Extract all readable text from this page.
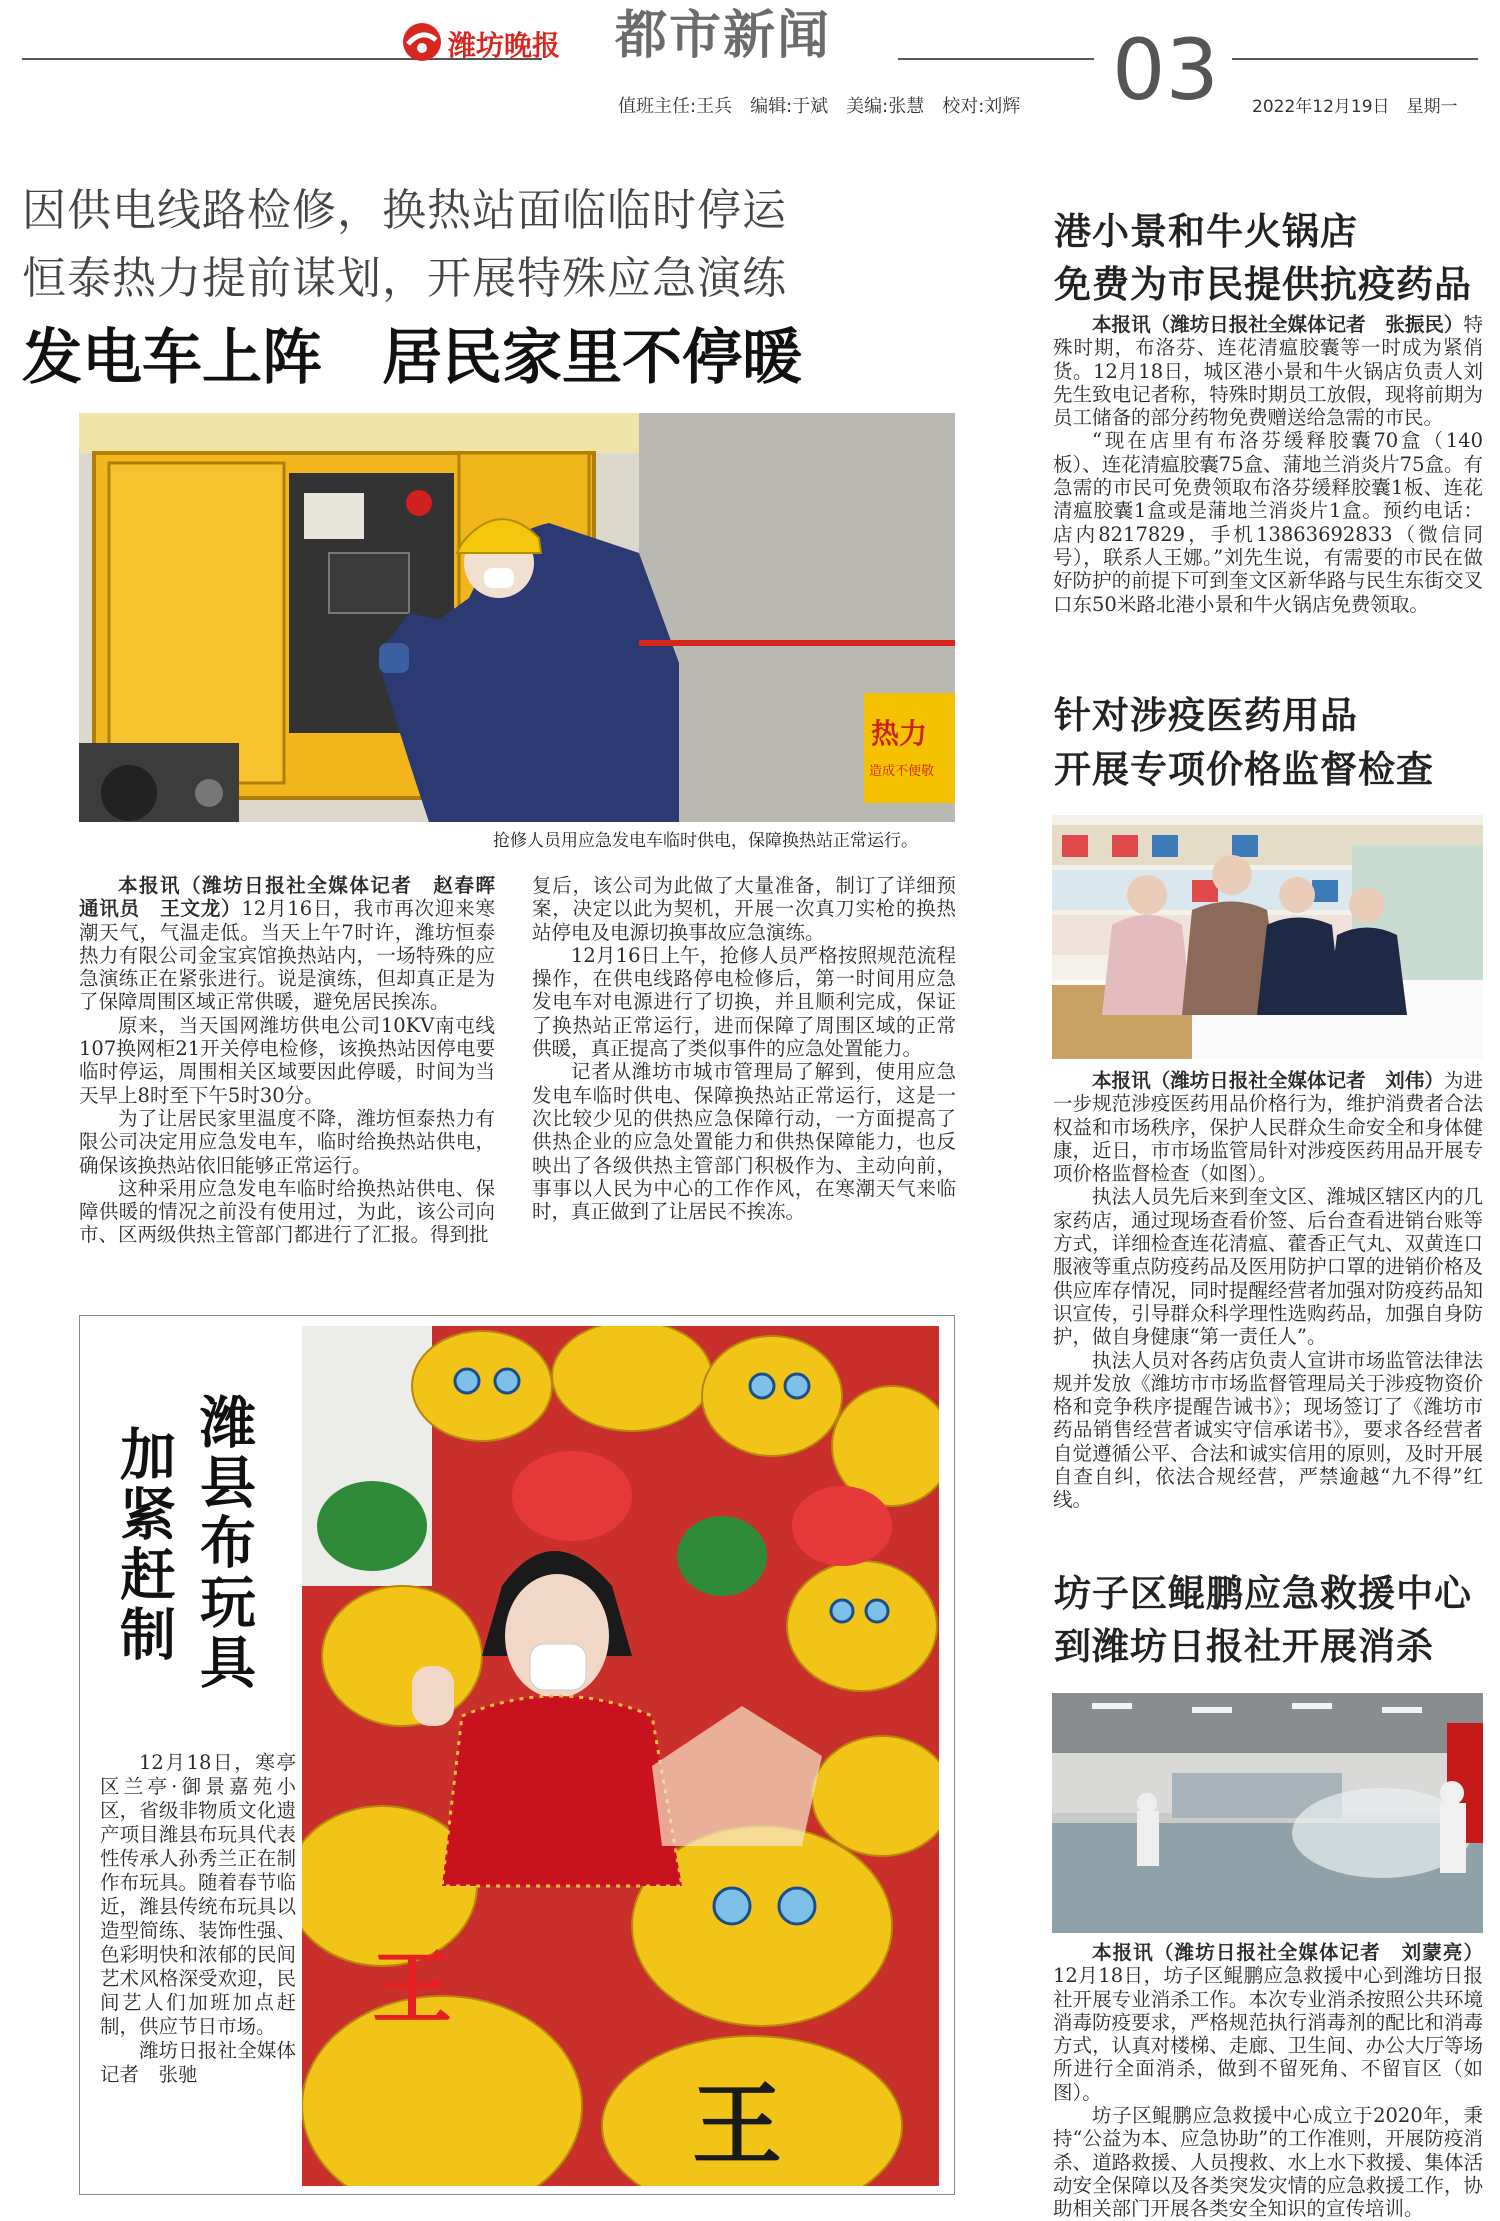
潍坊晚报 都市新闻	03
值班主任:王兵　编辑:于斌　美编:张慧　校对:刘辉	2022年12月19日　星期一
因供电线路检修，换热站面临临时停运
恒泰热力提前谋划，开展特殊应急演练
发电车上阵　居民家里不停暖
热力
造成不便敬
抢修人员用应急发电车临时供电，保障换热站正常运行。

本报讯（潍坊日报社全媒体记者　赵春晖　通讯员　王文龙）12月16日，我市再次迎来寒潮天气，气温走低。当天上午7时许，潍坊恒泰热力有限公司金宝宾馆换热站内，一场特殊的应急演练正在紧张进行。说是演练，但却真正是为了保障周围区域正常供暖，避免居民挨冻。

原来，当天国网潍坊供电公司10KV南屯线107换网柜21开关停电检修，该换热站因停电要临时停运，周围相关区域要因此停暖，时间为当天早上8时至下午5时30分。

为了让居民家里温度不降，潍坊恒泰热力有限公司决定用应急发电车，临时给换热站供电，确保该换热站依旧能够正常运行。

这种采用应急发电车临时给换热站供电、保障供暖的情况之前没有使用过，为此，该公司向市、区两级供热主管部门都进行了汇报。得到批

复后，该公司为此做了大量准备，制订了详细预案，决定以此为契机，开展一次真刀实枪的换热站停电及电源切换事故应急演练。

12月16日上午，抢修人员严格按照规范流程操作，在供电线路停电检修后，第一时间用应急发电车对电源进行了切换，并且顺利完成，保证了换热站正常运行，进而保障了周围区域的正常供暖，真正提高了类似事件的应急处置能力。

记者从潍坊市城市管理局了解到，使用应急发电车临时供电、保障换热站正常运行，这是一次比较少见的供热应急保障行动，一方面提高了供热企业的应急处置能力和供热保障能力，也反映出了各级供热主管部门积极作为、主动向前，事事以人民为中心的工作作风，在寒潮天气来临时，真正做到了让居民不挨冻。

潍县布玩具
加紧赶制

12月18日，寒亭区兰亭·御景嘉苑小区，省级非物质文化遗产项目潍县布玩具代表性传承人孙秀兰正在制作布玩具。随着春节临近，潍县传统布玩具以造型简练、装饰性强、色彩明快和浓郁的民间艺术风格深受欢迎，民间艺人们加班加点赶制，供应节日市场。

潍坊日报社全媒体记者　张驰

王
王
港小景和牛火锅店
免费为市民提供抗疫药品

本报讯（潍坊日报社全媒体记者　张振民）特殊时期，布洛芬、连花清瘟胶囊等一时成为紧俏货。12月18日，城区港小景和牛火锅店负责人刘先生致电记者称，特殊时期员工放假，现将前期为员工储备的部分药物免费赠送给急需的市民。

“现在店里有布洛芬缓释胶囊70盒（140板）、连花清瘟胶囊75盒、蒲地兰消炎片75盒。有急需的市民可免费领取布洛芬缓释胶囊1板、连花清瘟胶囊1盒或是蒲地兰消炎片1盒。预约电话：店内8217829，手机13863692833（微信同号），联系人王娜。”刘先生说，有需要的市民在做好防护的前提下可到奎文区新华路与民生东街交叉口东50米路北港小景和牛火锅店免费领取。

针对涉疫医药用品
开展专项价格监督检查

本报讯（潍坊日报社全媒体记者　刘伟）为进一步规范涉疫医药用品价格行为，维护消费者合法权益和市场秩序，保护人民群众生命安全和身体健康，近日，市市场监管局针对涉疫医药用品开展专项价格监督检查（如图）。

执法人员先后来到奎文区、潍城区辖区内的几家药店，通过现场查看价签、后台查看进销台账等方式，详细检查连花清瘟、藿香正气丸、双黄连口服液等重点防疫药品及医用防护口罩的进销价格及供应库存情况，同时提醒经营者加强对防疫药品知识宣传，引导群众科学理性选购药品，加强自身防护，做自身健康“第一责任人”。

执法人员对各药店负责人宣讲市场监管法律法规并发放《潍坊市市场监督管理局关于涉疫物资价格和竞争秩序提醒告诫书》；现场签订了《潍坊市药品销售经营者诚实守信承诺书》，要求各经营者自觉遵循公平、合法和诚实信用的原则，及时开展自查自纠，依法合规经营，严禁逾越“九不得”红线。

坊子区鲲鹏应急救援中心
到潍坊日报社开展消杀

本报讯（潍坊日报社全媒体记者　刘蒙亮）12月18日，坊子区鲲鹏应急救援中心到潍坊日报社开展专业消杀工作。本次专业消杀按照公共环境消毒防疫要求，严格规范执行消毒剂的配比和消毒方式，认真对楼梯、走廊、卫生间、办公大厅等场所进行全面消杀，做到不留死角、不留盲区（如图）。

坊子区鲲鹏应急救援中心成立于2020年，秉持“公益为本、应急协助”的工作准则，开展防疫消杀、道路救援、人员搜救、水上水下救援、集体活动安全保障以及各类突发灾情的应急救援工作，协助相关部门开展各类安全知识的宣传培训。
